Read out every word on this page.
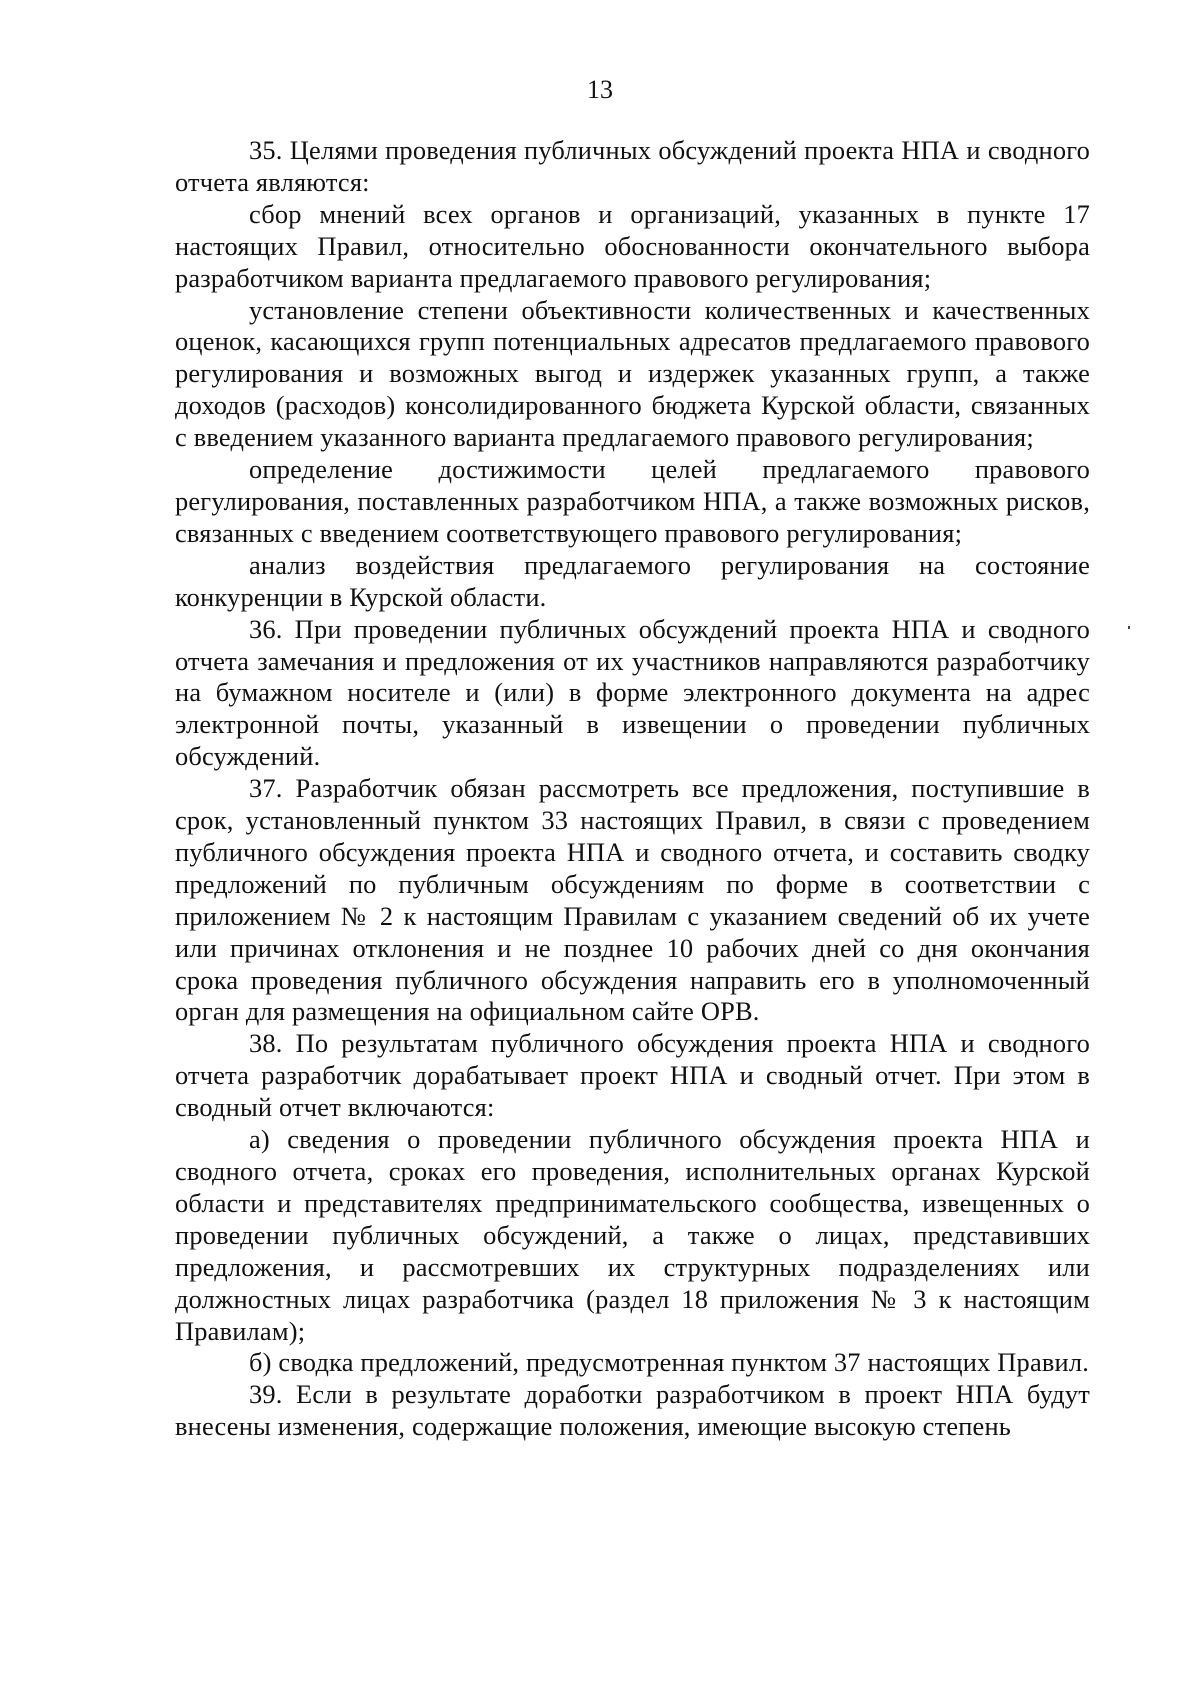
13

35. Целями проведения публичных обсуждений проекта НПА и сводного отчета являются:

сбор мнений всех органов и организаций, указанных в пункте 17 настоящих Правил, относительно обоснованности окончательного выбора разработчиком варианта предлагаемого правового регулирования;

установление степени объективности количественных и качественных оценок, касающихся групп потенциальных адресатов предлагаемого правового регулирования и возможных выгод и издержек указанных групп, а также доходов (расходов) консолидированного бюджета Курской области, связанных с введением указанного варианта предлагаемого правового регулирования;

определение достижимости целей предлагаемого правового регулирования, поставленных разработчиком НПА, а также возможных рисков, связанных с введением соответствующего правового регулирования;

анализ воздействия предлагаемого регулирования на состояние конкуренции в Курской области.

36. При проведении публичных обсуждений проекта НПА и сводного отчета замечания и предложения от их участников направляются разработчику на бумажном носителе и (или) в форме электронного документа на адрес электронной почты, указанный в извещении о проведении публичных обсуждений.

37. Разработчик обязан рассмотреть все предложения, поступившие в срок, установленный пунктом 33 настоящих Правил, в связи с проведением публичного обсуждения проекта НПА и сводного отчета, и составить сводку предложений по публичным обсуждениям по форме в соответствии с приложением № 2 к настоящим Правилам с указанием сведений об их учете или причинах отклонения и не позднее 10 рабочих дней со дня окончания срока проведения публичного обсуждения направить его в уполномоченный орган для размещения на официальном сайте ОРВ.

38. По результатам публичного обсуждения проекта НПА и сводного отчета разработчик дорабатывает проект НПА и сводный отчет. При этом в сводный отчет включаются:

а) сведения о проведении публичного обсуждения проекта НПА и сводного отчета, сроках его проведения, исполнительных органах Курской области и представителях предпринимательского сообщества, извещенных о проведении публичных обсуждений, а также о лицах, представивших предложения, и рассмотревших их структурных подразделениях или должностных лицах разработчика (раздел 18 приложения № 3 к настоящим Правилам);

б) сводка предложений, предусмотренная пунктом 37 настоящих Правил.

39. Если в результате доработки разработчиком в проект НПА будут внесены изменения, содержащие положения, имеющие высокую степень
